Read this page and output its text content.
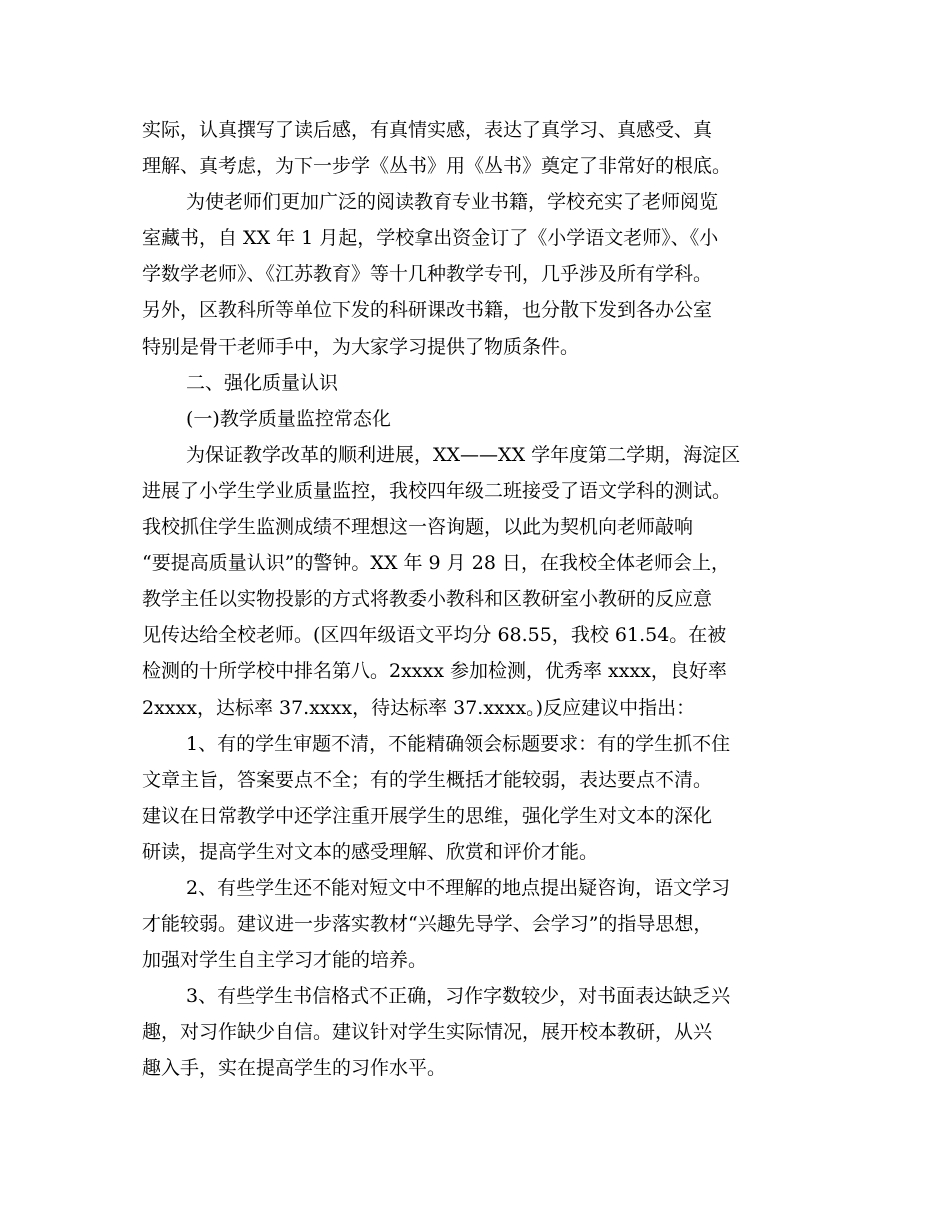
实际，认真撰写了读后感，有真情实感，表达了真学习、真感受、真
理解、真考虑，为下一步学《丛书》用《丛书》奠定了非常好的根底。
为使老师们更加广泛的阅读教育专业书籍，学校充实了老师阅览
室藏书，自 XX 年 1 月起，学校拿出资金订了《小学语文老师》、《小
学数学老师》、《江苏教育》等十几种教学专刊，几乎涉及所有学科。
另外，区教科所等单位下发的科研课改书籍，也分散下发到各办公室
特别是骨干老师手中，为大家学习提供了物质条件。
二、强化质量认识
(一)教学质量监控常态化
为保证教学改革的顺利进展，XX——XX 学年度第二学期，海淀区
进展了小学生学业质量监控，我校四年级二班接受了语文学科的测试。
我校抓住学生监测成绩不理想这一咨询题，以此为契机向老师敲响
“要提高质量认识”的警钟。XX 年 9 月 28 日，在我校全体老师会上，
教学主任以实物投影的方式将教委小教科和区教研室小教研的反应意
见传达给全校老师。(区四年级语文平均分 68.55，我校 61.54。在被
检测的十所学校中排名第八。2xxxx 参加检测，优秀率 xxxx，良好率
2xxxx，达标率 37.xxxx，待达标率 37.xxxx。)反应建议中指出：
1、有的学生审题不清，不能精确领会标题要求：有的学生抓不住
文章主旨，答案要点不全；有的学生概括才能较弱，表达要点不清。
建议在日常教学中还学注重开展学生的思维，强化学生对文本的深化
研读，提高学生对文本的感受理解、欣赏和评价才能。
2、有些学生还不能对短文中不理解的地点提出疑咨询，语文学习
才能较弱。建议进一步落实教材“兴趣先导学、会学习”的指导思想，
加强对学生自主学习才能的培养。
3、有些学生书信格式不正确，习作字数较少，对书面表达缺乏兴
趣，对习作缺少自信。建议针对学生实际情况，展开校本教研，从兴
趣入手，实在提高学生的习作水平。
